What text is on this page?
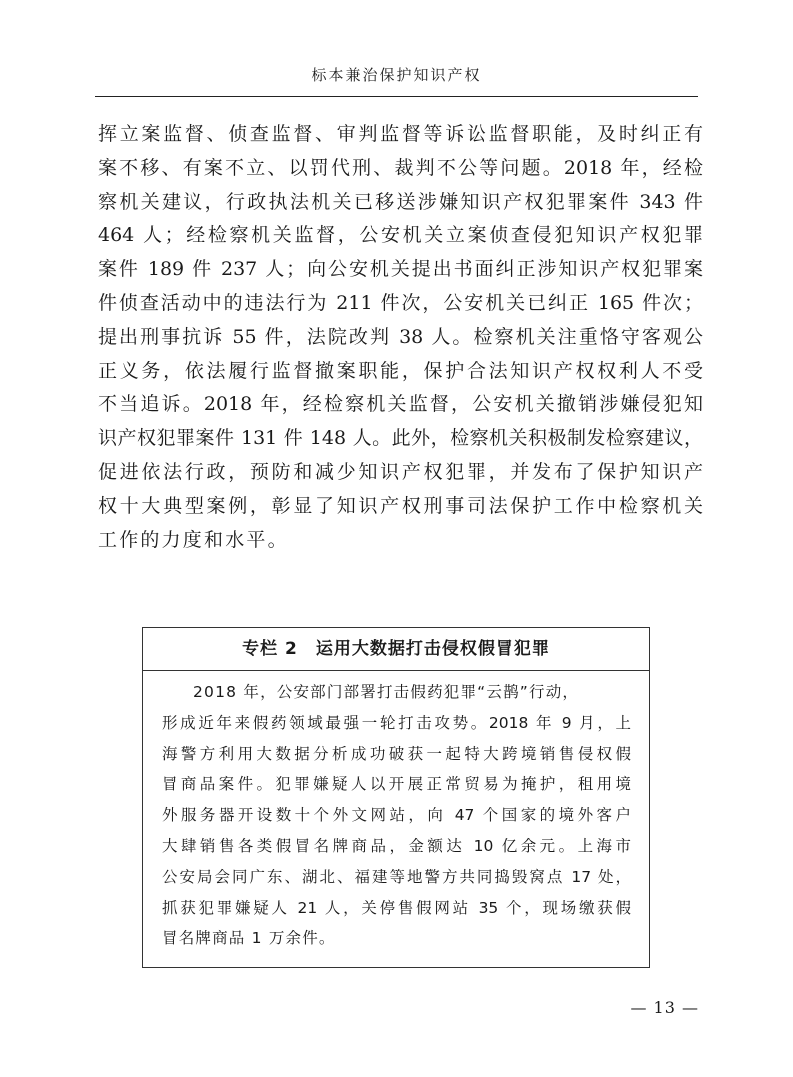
标本兼治保护知识产权
挥立案监督、侦查监督、审判监督等诉讼监督职能，及时纠正有
案不移、有案不立、以罚代刑、裁判不公等问题。2018 年，经检
察机关建议，行政执法机关已移送涉嫌知识产权犯罪案件 343 件
464 人；经检察机关监督，公安机关立案侦查侵犯知识产权犯罪
案件 189 件 237 人；向公安机关提出书面纠正涉知识产权犯罪案
件侦查活动中的违法行为 211 件次，公安机关已纠正 165 件次；
提出刑事抗诉 55 件，法院改判 38 人。检察机关注重恪守客观公
正义务，依法履行监督撤案职能，保护合法知识产权权利人不受
不当追诉。2018 年，经检察机关监督，公安机关撤销涉嫌侵犯知
识产权犯罪案件 131 件 148 人。此外，检察机关积极制发检察建议，
促进依法行政，预防和减少知识产权犯罪，并发布了保护知识产
权十大典型案例，彰显了知识产权刑事司法保护工作中检察机关
工作的力度和水平。
专栏 2　运用大数据打击侵权假冒犯罪
2018 年，公安部门部署打击假药犯罪“云鹊”行动，
形成近年来假药领域最强一轮打击攻势。2018 年 9 月，上
海警方利用大数据分析成功破获一起特大跨境销售侵权假
冒商品案件。犯罪嫌疑人以开展正常贸易为掩护，租用境
外服务器开设数十个外文网站，向 47 个国家的境外客户
大肆销售各类假冒名牌商品，金额达 10 亿余元。上海市
公安局会同广东、湖北、福建等地警方共同捣毁窝点 17 处，
抓获犯罪嫌疑人 21 人，关停售假网站 35 个，现场缴获假
冒名牌商品 1 万余件。
— 13 —
